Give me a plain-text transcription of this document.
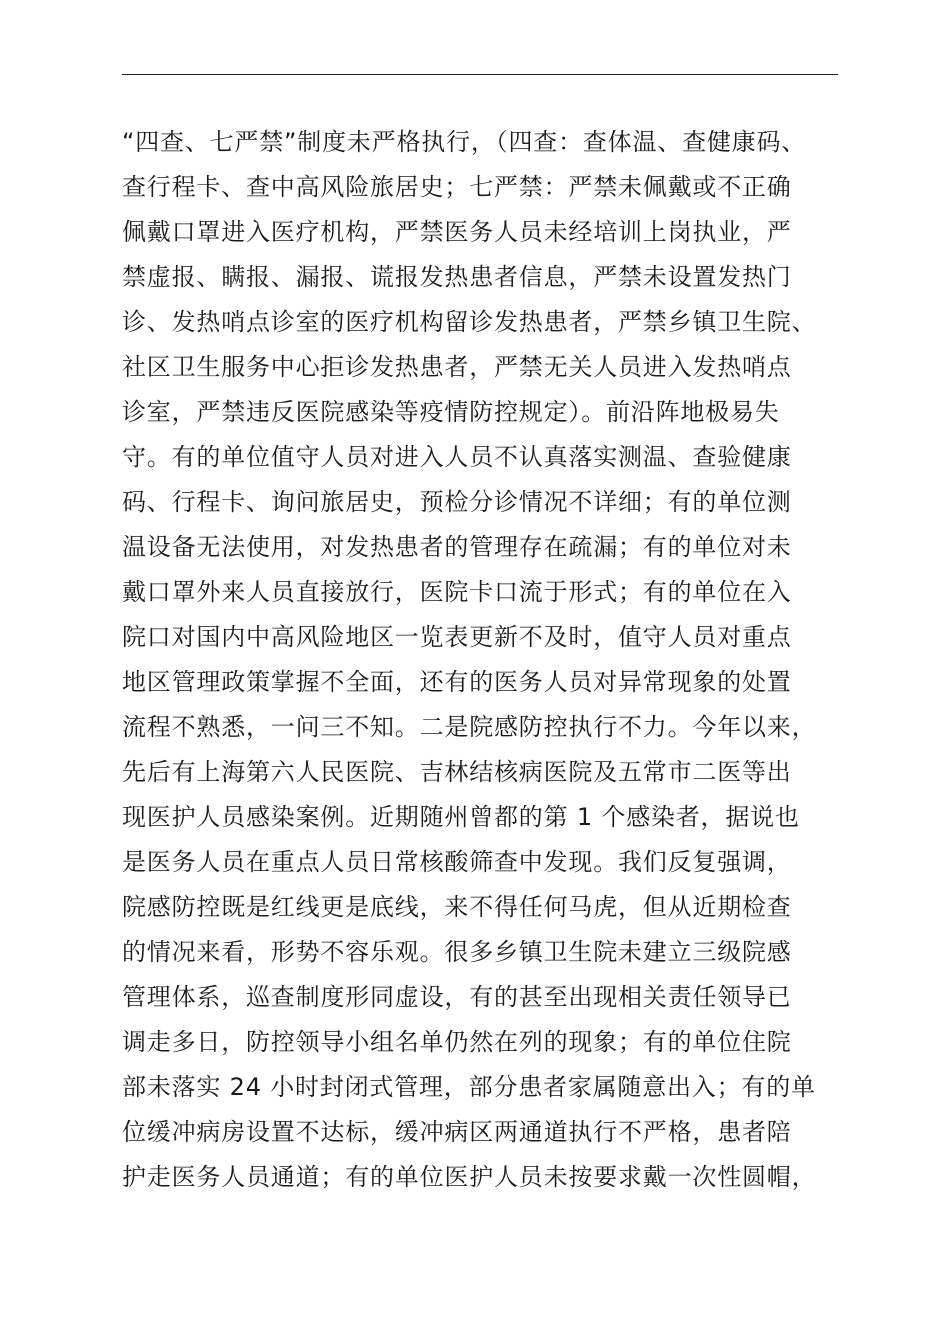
“四查、七严禁”制度未严格执行，（四查：查体温、查健康码、
查行程卡、查中高风险旅居史；七严禁：严禁未佩戴或不正确
佩戴口罩进入医疗机构，严禁医务人员未经培训上岗执业，严
禁虚报、瞒报、漏报、谎报发热患者信息，严禁未设置发热门
诊、发热哨点诊室的医疗机构留诊发热患者，严禁乡镇卫生院、
社区卫生服务中心拒诊发热患者，严禁无关人员进入发热哨点
诊室，严禁违反医院感染等疫情防控规定）。前沿阵地极易失
守。有的单位值守人员对进入人员不认真落实测温、查验健康
码、行程卡、询问旅居史，预检分诊情况不详细；有的单位测
温设备无法使用，对发热患者的管理存在疏漏；有的单位对未
戴口罩外来人员直接放行，医院卡口流于形式；有的单位在入
院口对国内中高风险地区一览表更新不及时，值守人员对重点
地区管理政策掌握不全面，还有的医务人员对异常现象的处置
流程不熟悉，一问三不知。二是院感防控执行不力。今年以来，
先后有上海第六人民医院、吉林结核病医院及五常市二医等出
现医护人员感染案例。近期随州曾都的第 1 个感染者，据说也
是医务人员在重点人员日常核酸筛查中发现。我们反复强调，
院感防控既是红线更是底线，来不得任何马虎，但从近期检查
的情况来看，形势不容乐观。很多乡镇卫生院未建立三级院感
管理体系，巡查制度形同虚设，有的甚至出现相关责任领导已
调走多日，防控领导小组名单仍然在列的现象；有的单位住院
部未落实 24 小时封闭式管理，部分患者家属随意出入；有的单
位缓冲病房设置不达标，缓冲病区两通道执行不严格，患者陪
护走医务人员通道；有的单位医护人员未按要求戴一次性圆帽，
